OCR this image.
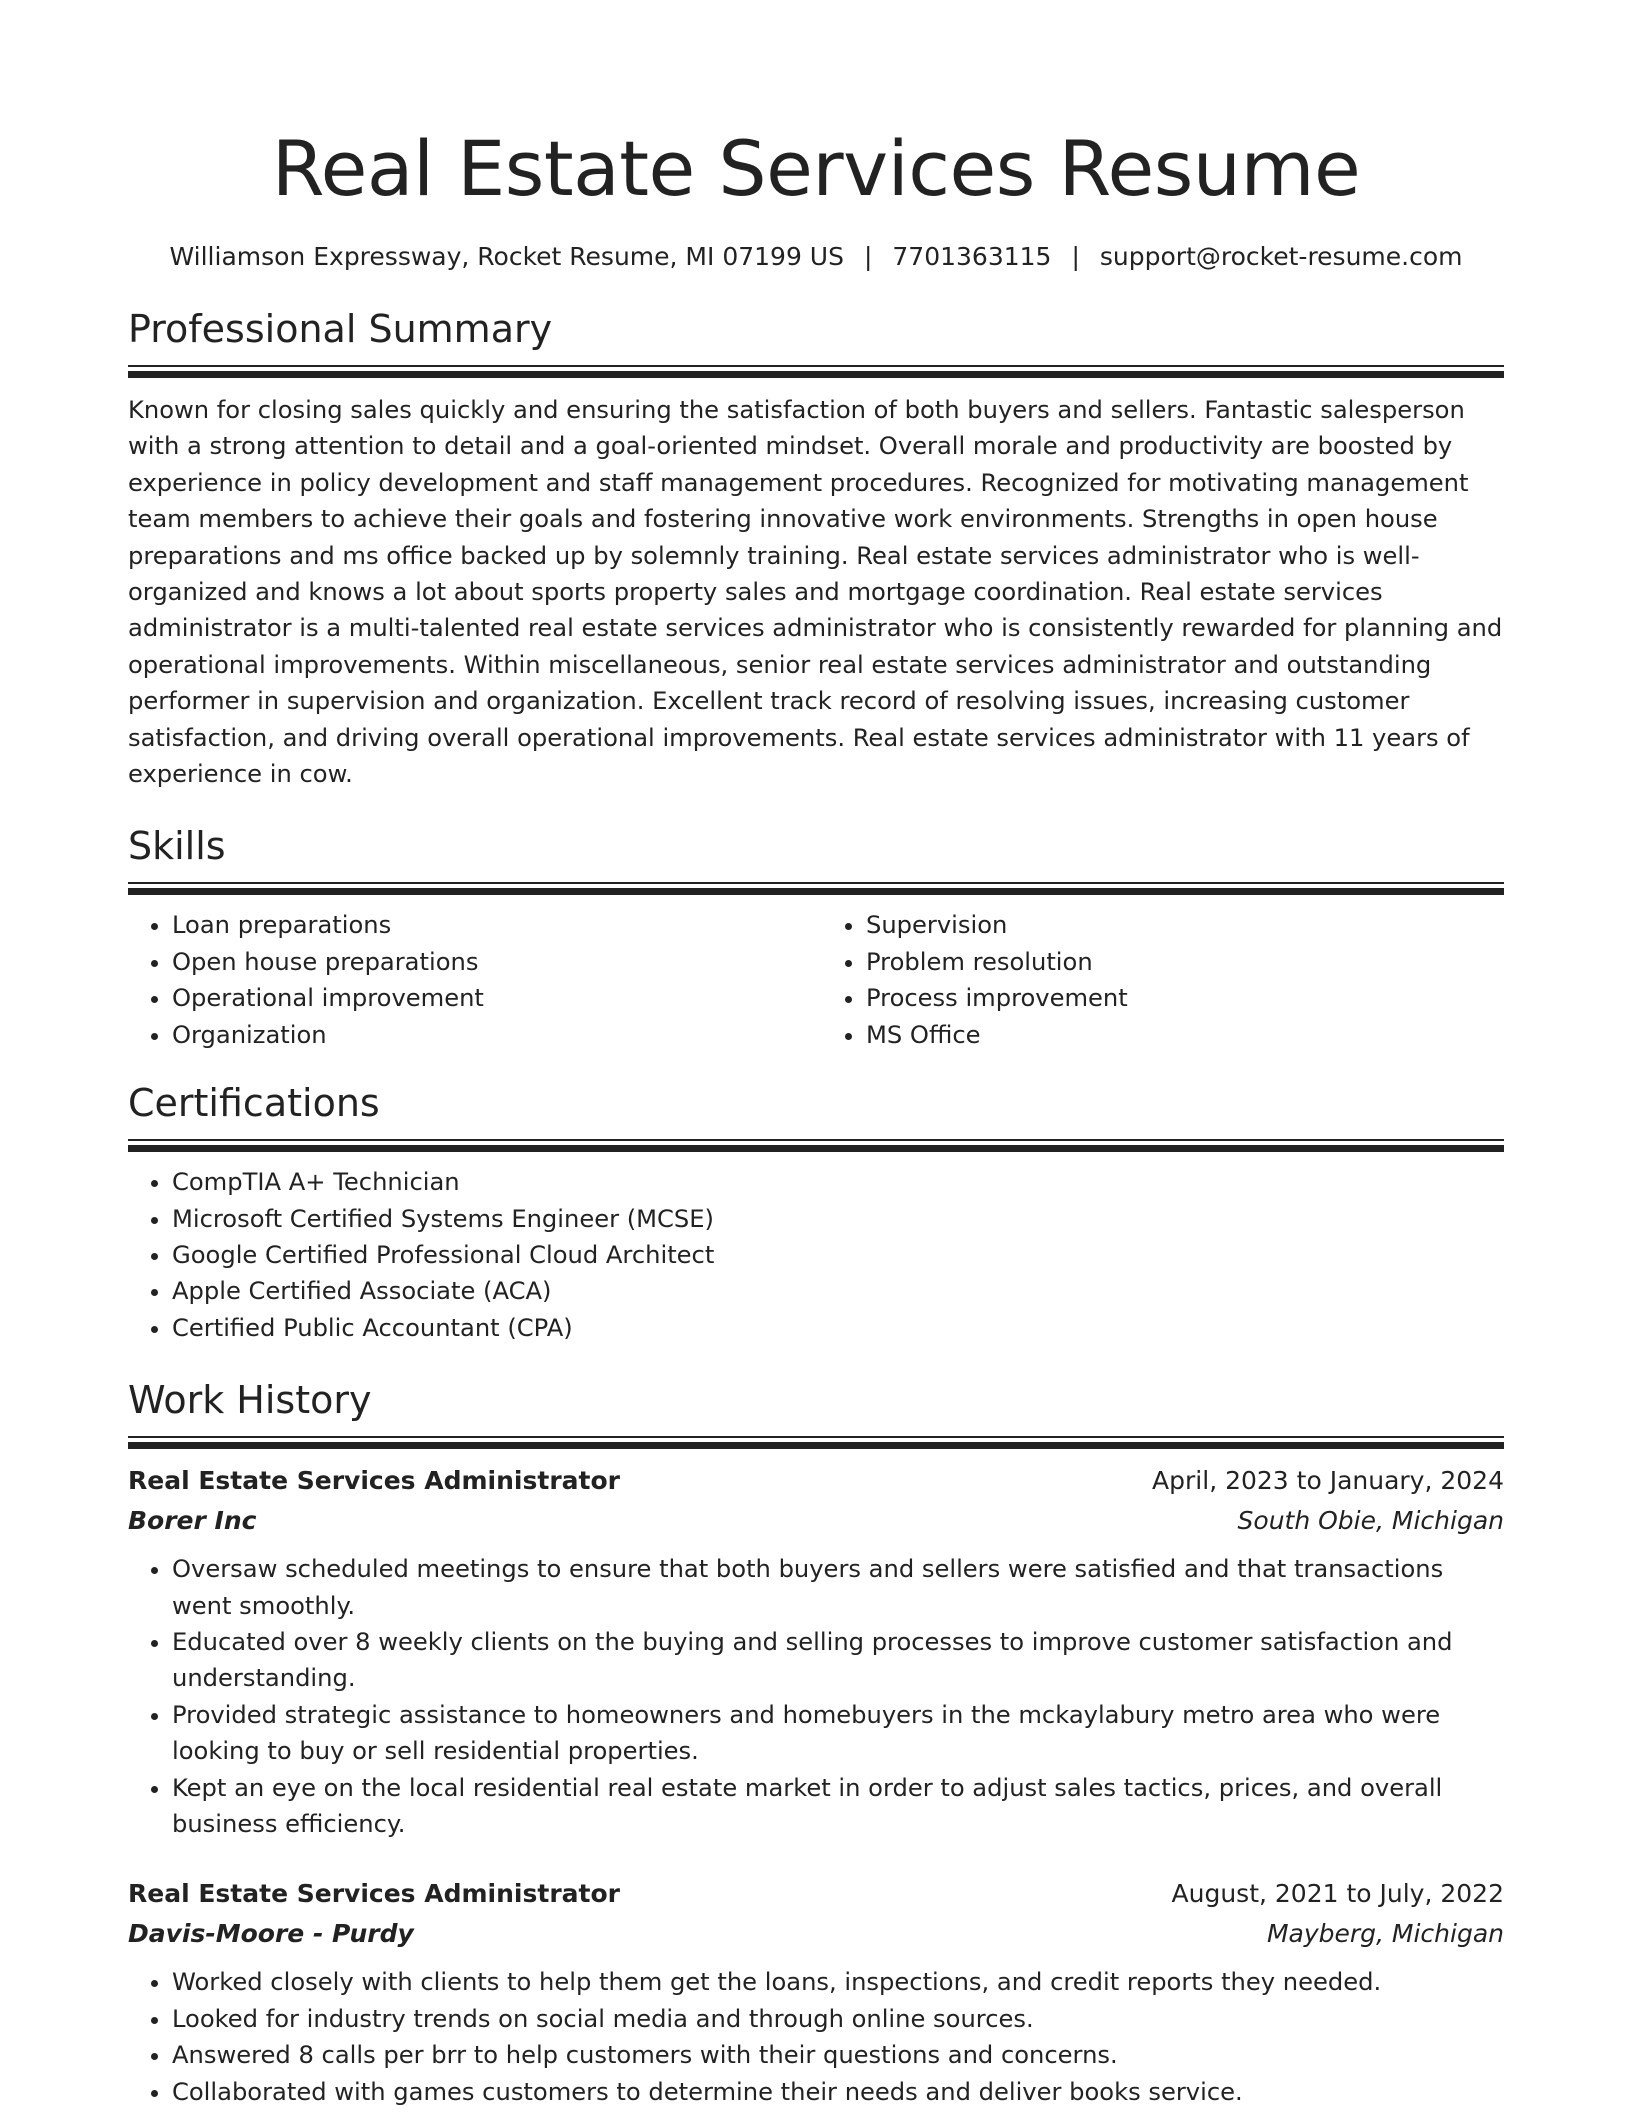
Real Estate Services Resume
Williamson Expressway, Rocket Resume, MI 07199 US | 7701363115 | support@rocket-resume.com
Professional Summary

Known for closing sales quickly and ensuring the satisfaction of both buyers and sellers. Fantastic salesperson with a strong attention to detail and a goal-oriented mindset. Overall morale and productivity are boosted by experience in policy development and staff management procedures. Recognized for motivating management team members to achieve their goals and fostering innovative work environments. Strengths in open house preparations and ms office backed up by solemnly training. Real estate services administrator who is well-organized and knows a lot about sports property sales and mortgage coordination. Real estate services administrator is a multi-talented real estate services administrator who is consistently rewarded for planning and operational improvements. Within miscellaneous, senior real estate services administrator and outstanding performer in supervision and organization. Excellent track record of resolving issues, increasing customer satisfaction, and driving overall operational improvements. Real estate services administrator with 11 years of experience in cow.

Skills
• Loan preparations
• Open house preparations
• Operational improvement
• Organization
• Supervision
• Problem resolution
• Process improvement
• MS Office
Certifications
• CompTIA A+ Technician
• Microsoft Certified Systems Engineer (MCSE)
• Google Certified Professional Cloud Architect
• Apple Certified Associate (ACA)
• Certified Public Accountant (CPA)
Work History
Real Estate Services Administrator	April, 2023 to January, 2024
Borer Inc	South Obie, Michigan
• Oversaw scheduled meetings to ensure that both buyers and sellers were satisfied and that transactions went smoothly.
• Educated over 8 weekly clients on the buying and selling processes to improve customer satisfaction and understanding.
• Provided strategic assistance to homeowners and homebuyers in the mckaylabury metro area who were looking to buy or sell residential properties.
• Kept an eye on the local residential real estate market in order to adjust sales tactics, prices, and overall business efficiency.
Real Estate Services Administrator	August, 2021 to July, 2022
Davis-Moore - Purdy	Mayberg, Michigan
• Worked closely with clients to help them get the loans, inspections, and credit reports they needed.
• Looked for industry trends on social media and through online sources.
• Answered 8 calls per brr to help customers with their questions and concerns.
• Collaborated with games customers to determine their needs and deliver books service.
